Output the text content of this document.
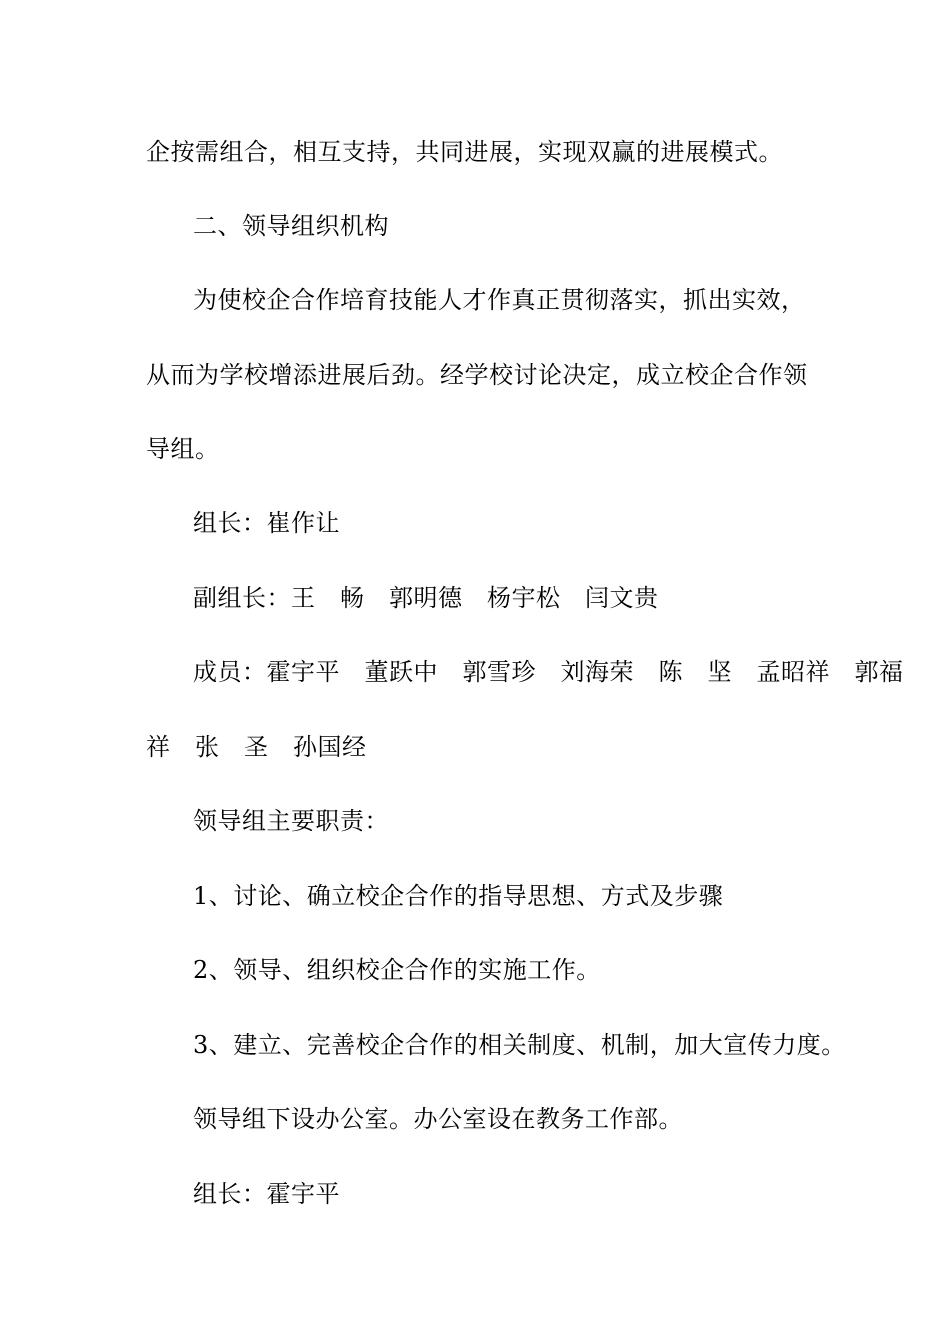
企按需组合，相互支持，共同进展，实现双赢的进展模式。
二、领导组织机构
为使校企合作培育技能人才作真正贯彻落实，抓出实效，
从而为学校增添进展后劲。经学校讨论决定，成立校企合作领
导组。
组长：崔作让
副组长：王　畅　郭明德　杨宇松　闫文贵
成员：霍宇平　董跃中　郭雪珍　刘海荣　陈　坚　孟昭祥　郭福
祥　张　圣　孙国经
领导组主要职责：
1、讨论、确立校企合作的指导思想、方式及步骤
2、领导、组织校企合作的实施工作。
3、建立、完善校企合作的相关制度、机制，加大宣传力度。
领导组下设办公室。办公室设在教务工作部。
组长：霍宇平
